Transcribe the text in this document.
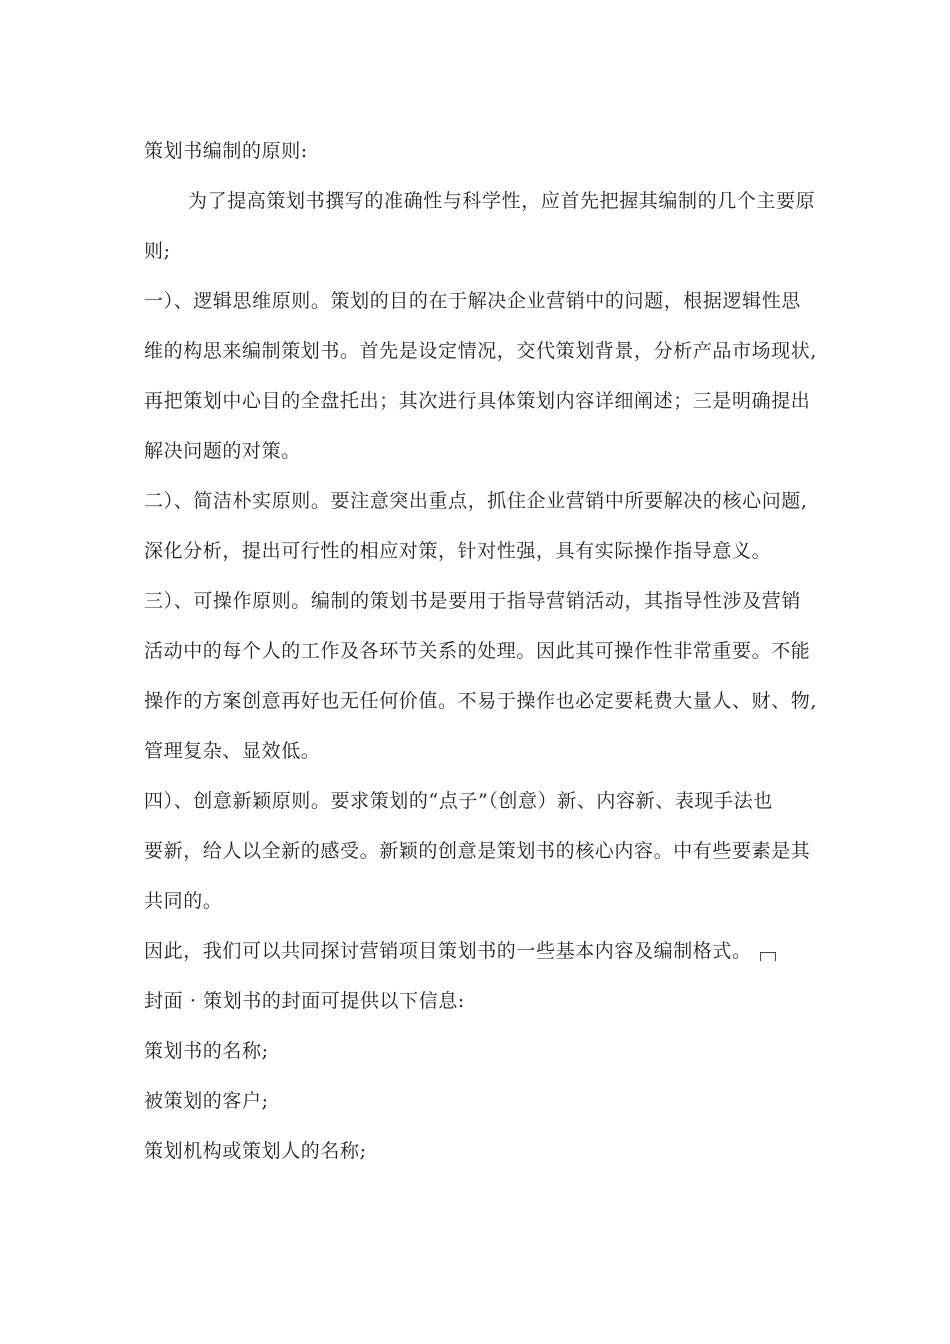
策划书编制的原则:
为了提高策划书撰写的准确性与科学性，应首先把握其编制的几个主要原
则;
一）、逻辑思维原则。策划的目的在于解决企业营销中的问题，根据逻辑性思
维的构思来编制策划书。首先是设定情况，交代策划背景，分析产品市场现状,
再把策划中心目的全盘托出；其次进行具体策划内容详细阐述；三是明确提出
解决问题的对策。
二）、简洁朴实原则。要注意突出重点，抓住企业营销中所要解决的核心问题,
深化分析，提出可行性的相应对策，针对性强，具有实际操作指导意义。
三）、可操作原则。编制的策划书是要用于指导营销活动，其指导性涉及营销
活动中的每个人的工作及各环节关系的处理。因此其可操作性非常重要。不能
操作的方案创意再好也无任何价值。不易于操作也必定要耗费大量人、财、物,
管理复杂、显效低。
四）、创意新颖原则。要求策划的“点子”（创意）新、内容新、表现手法也
要新，给人以全新的感受。新颖的创意是策划书的核心内容。中有些要素是其
共同的。
因此，我们可以共同探讨营销项目策划书的一些基本内容及编制格式。
封面 · 策划书的封面可提供以下信息:
策划书的名称;
被策划的客户;
策划机构或策划人的名称;
